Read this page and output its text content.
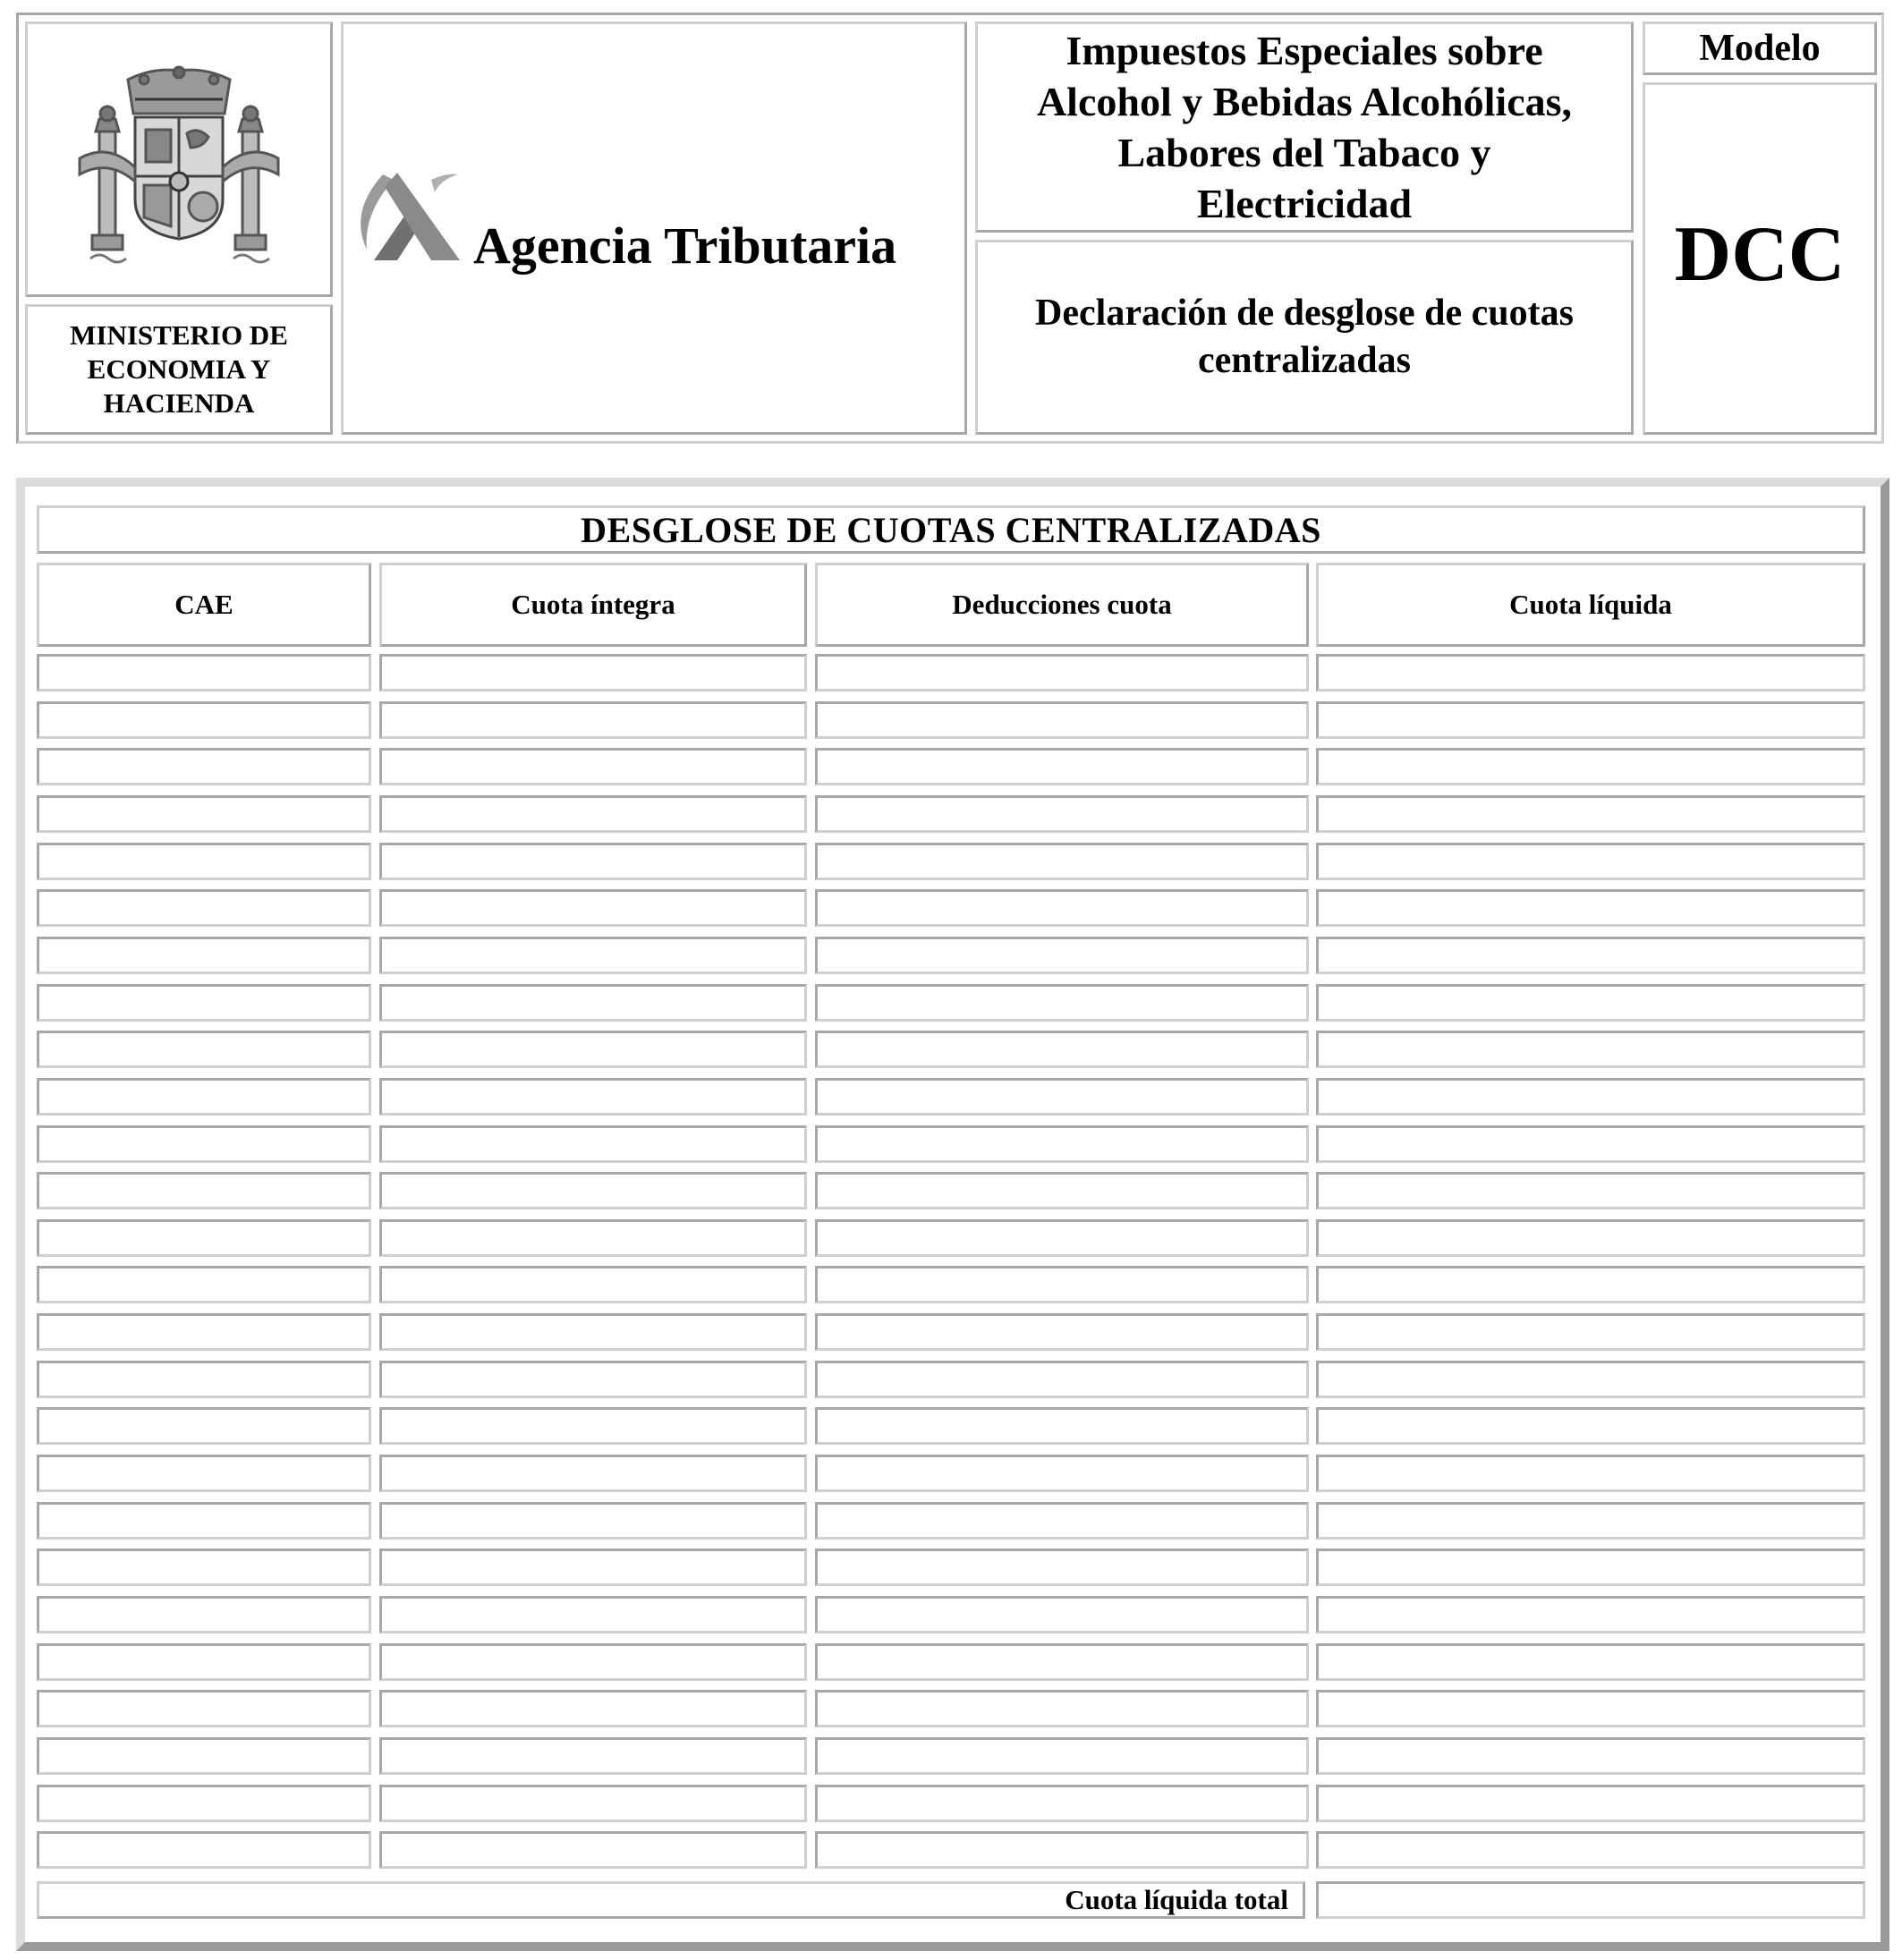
MINISTERIO DE
ECONOMIA Y
HACIENDA
Agencia Tributaria
Impuestos Especiales sobre
Alcohol y Bebidas Alcohólicas,
Labores del Tabaco y
Electricidad
Declaración de desglose de cuotas
centralizadas
Modelo
DCC
DESGLOSE DE CUOTAS CENTRALIZADAS
CAE	Cuota íntegra	Deducciones cuota	Cuota líquida
Cuota líquida total
